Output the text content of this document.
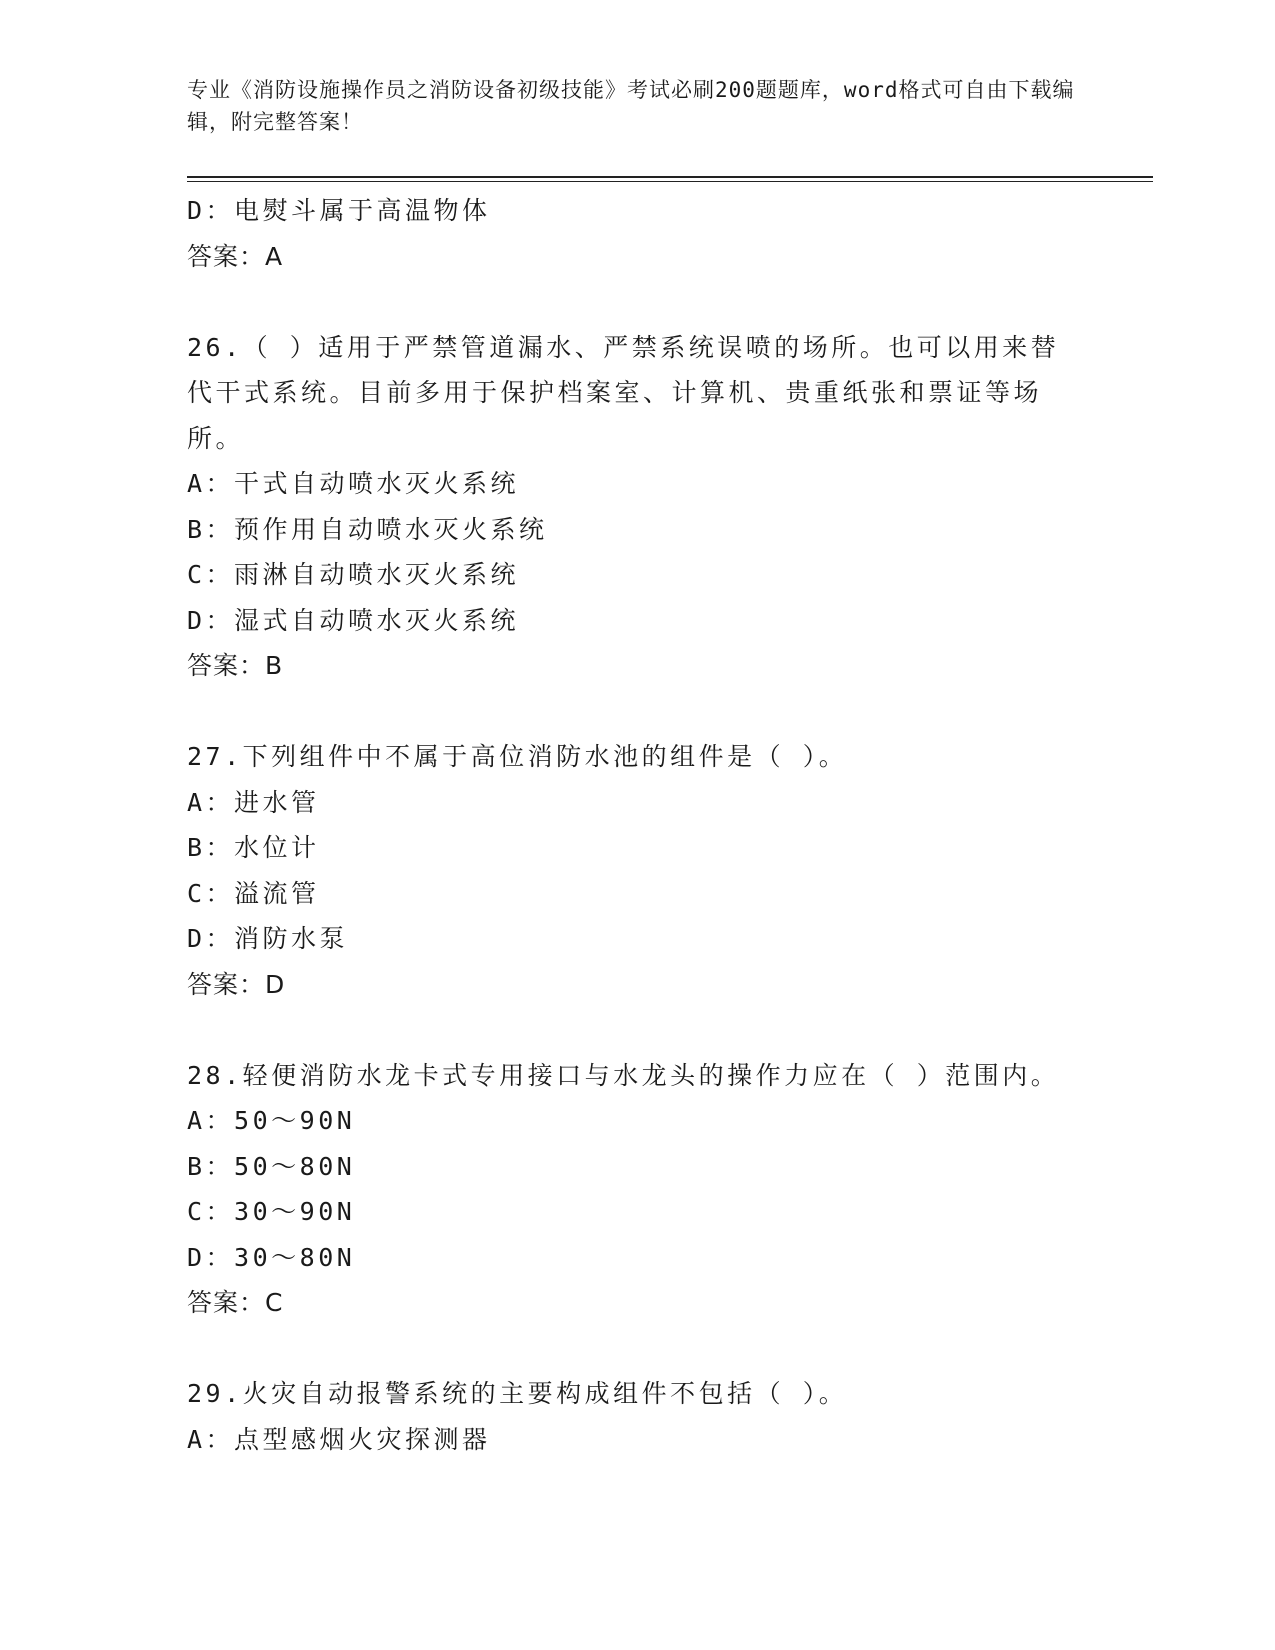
专业《消防设施操作员之消防设备初级技能》考试必刷200题题库，word格式可自由下载编辑，附完整答案！
D：电熨斗属于高温物体
答案：A
26.（ ）适用于严禁管道漏水、严禁系统误喷的场所。也可以用来替代干式系统。目前多用于保护档案室、计算机、贵重纸张和票证等场所。
A：干式自动喷水灭火系统
B：预作用自动喷水灭火系统
C：雨淋自动喷水灭火系统
D：湿式自动喷水灭火系统
答案：B
27.下列组件中不属于高位消防水池的组件是（ ）。
A：进水管
B：水位计
C：溢流管
D：消防水泵
答案：D
28.轻便消防水龙卡式专用接口与水龙头的操作力应在（ ）范围内。
A：50～90N
B：50～80N
C：30～90N
D：30～80N
答案：C
29.火灾自动报警系统的主要构成组件不包括（ ）。
A：点型感烟火灾探测器
